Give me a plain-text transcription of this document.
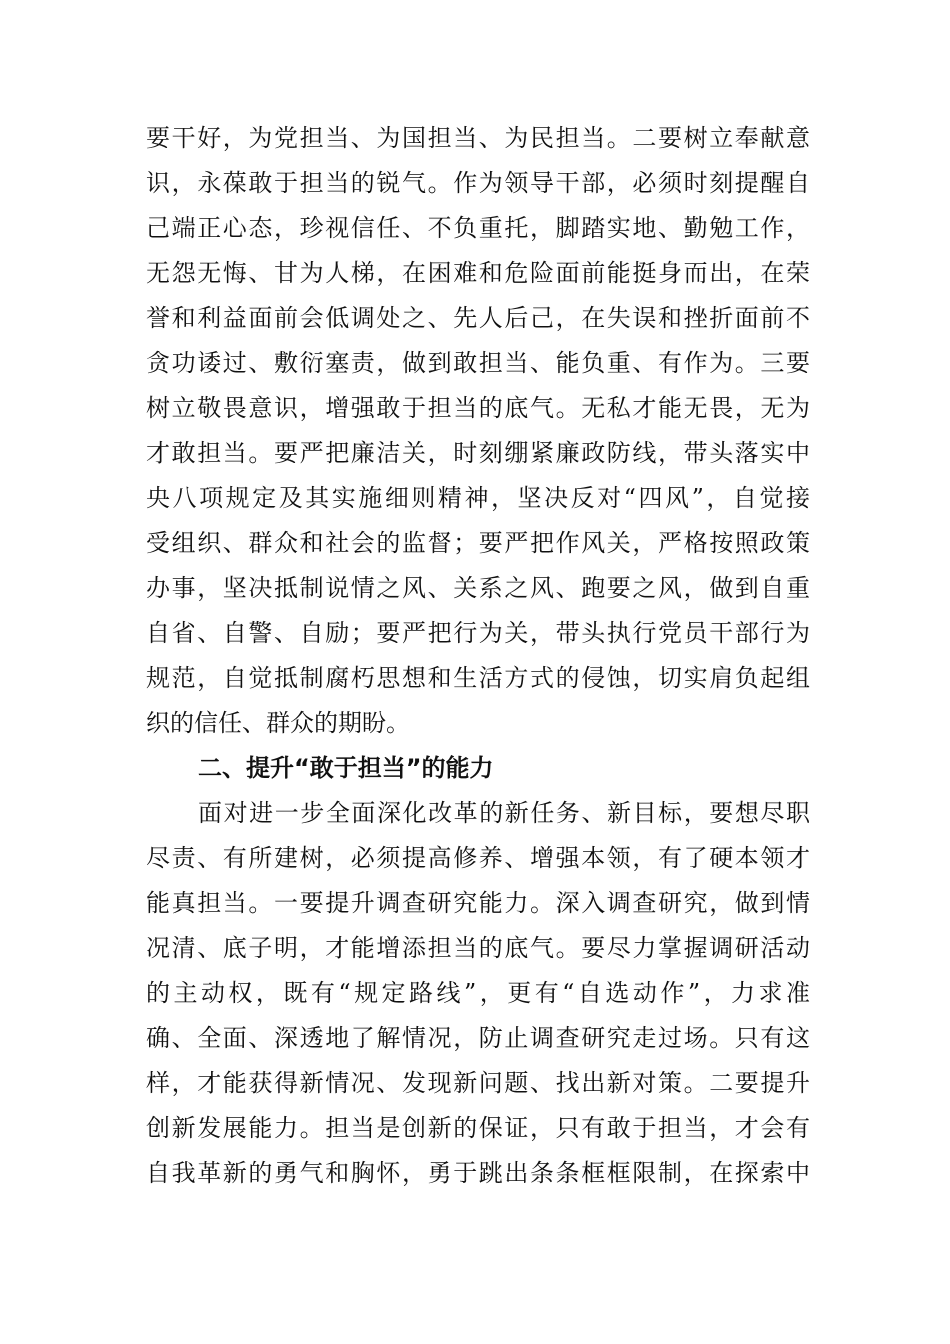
要干好，为党担当、为国担当、为民担当。二要树立奉献意
识，永葆敢于担当的锐气。作为领导干部，必须时刻提醒自
己端正心态，珍视信任、不负重托，脚踏实地、勤勉工作，
无怨无悔、甘为人梯，在困难和危险面前能挺身而出，在荣
誉和利益面前会低调处之、先人后己，在失误和挫折面前不
贪功诿过、敷衍塞责，做到敢担当、能负重、有作为。三要
树立敬畏意识，增强敢于担当的底气。无私才能无畏，无为
才敢担当。要严把廉洁关，时刻绷紧廉政防线，带头落实中
央八项规定及其实施细则精神，坚决反对“四风”，自觉接
受组织、群众和社会的监督；要严把作风关，严格按照政策
办事，坚决抵制说情之风、关系之风、跑要之风，做到自重
自省、自警、自励；要严把行为关，带头执行党员干部行为
规范，自觉抵制腐朽思想和生活方式的侵蚀，切实肩负起组
织的信任、群众的期盼。
二、提升“敢于担当”的能力
面对进一步全面深化改革的新任务、新目标，要想尽职
尽责、有所建树，必须提高修养、增强本领，有了硬本领才
能真担当。一要提升调查研究能力。深入调查研究，做到情
况清、底子明，才能增添担当的底气。要尽力掌握调研活动
的主动权，既有“规定路线”，更有“自选动作”，力求准
确、全面、深透地了解情况，防止调查研究走过场。只有这
样，才能获得新情况、发现新问题、找出新对策。二要提升
创新发展能力。担当是创新的保证，只有敢于担当，才会有
自我革新的勇气和胸怀，勇于跳出条条框框限制，在探索中
